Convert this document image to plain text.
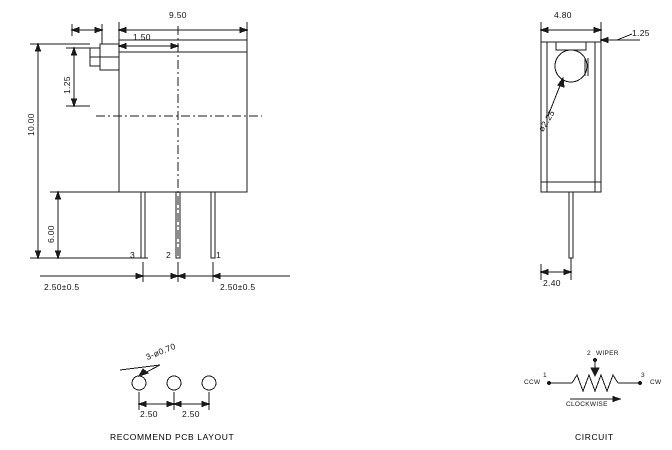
9.50
1.50
1.25
10.00
6.00
3	2	1
2.50±0.5	2.50±0.5
4.80
1.25
ø2.25
2.40
3-ø0.70
2.50	2.50
RECOMMEND PCB LAYOUT
CCW
1
2 WIPER
3
CW
CLOCKWISE
CIRCUIT
